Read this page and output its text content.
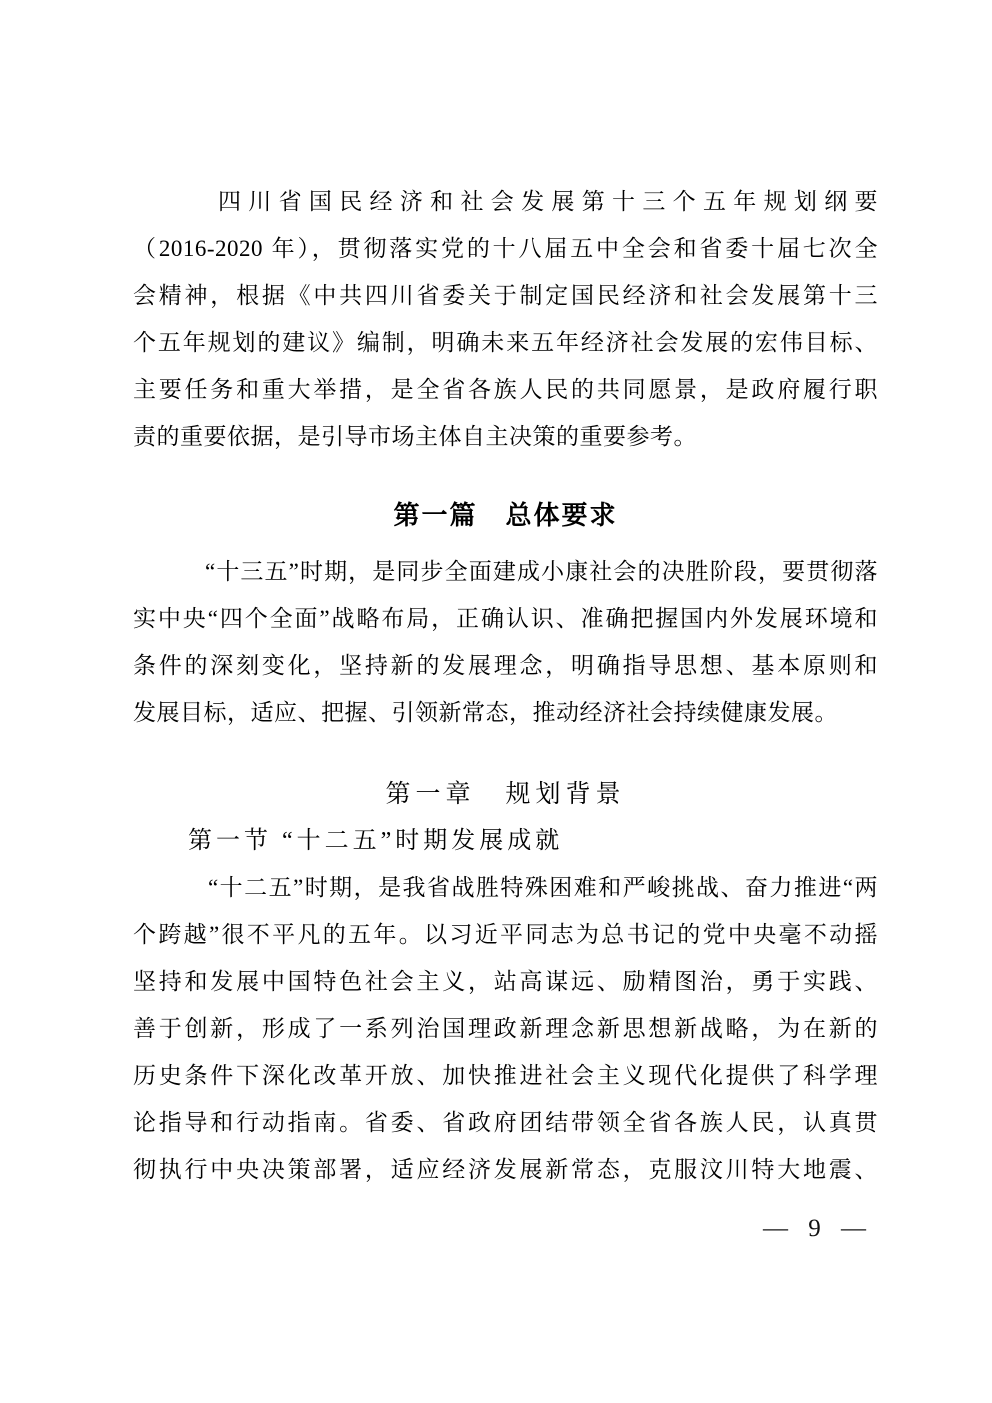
四川省国民经济和社会发展第十三个五年规划纲要
（2016-2020 年），贯彻落实党的十八届五中全会和省委十届七次全
会精神，根据《中共四川省委关于制定国民经济和社会发展第十三
个五年规划的建议》编制，明确未来五年经济社会发展的宏伟目标、
主要任务和重大举措，是全省各族人民的共同愿景，是政府履行职
责的重要依据，是引导市场主体自主决策的重要参考。
第一篇　总体要求
“十三五”时期，是同步全面建成小康社会的决胜阶段，要贯彻落
实中央“四个全面”战略布局，正确认识、准确把握国内外发展环境和
条件的深刻变化，坚持新的发展理念，明确指导思想、基本原则和
发展目标，适应、把握、引领新常态，推动经济社会持续健康发展。
第一章　规划背景
第一节 “十二五”时期发展成就
“十二五”时期，是我省战胜特殊困难和严峻挑战、奋力推进“两
个跨越”很不平凡的五年。以习近平同志为总书记的党中央毫不动摇
坚持和发展中国特色社会主义，站高谋远、励精图治，勇于实践、
善于创新，形成了一系列治国理政新理念新思想新战略，为在新的
历史条件下深化改革开放、加快推进社会主义现代化提供了科学理
论指导和行动指南。省委、省政府团结带领全省各族人民，认真贯
彻执行中央决策部署，适应经济发展新常态，克服汶川特大地震、
— 9 —
